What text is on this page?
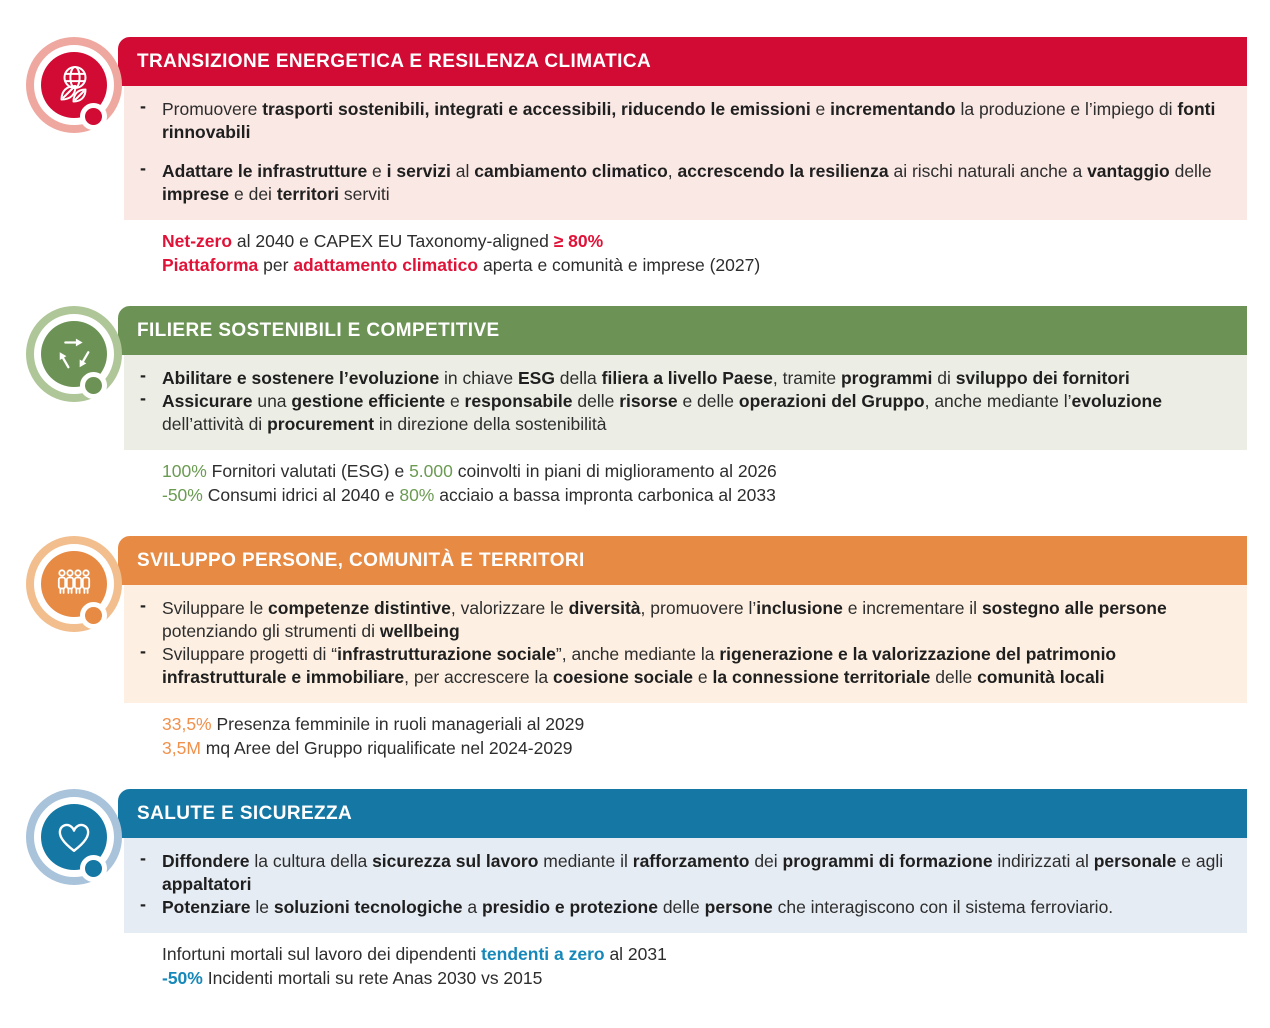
TRANSIZIONE ENERGETICA E RESILENZA CLIMATICA
- Promuovere trasporti sostenibili, integrati e accessibili, riducendo le emissioni e incrementando la produzione e l’impiego di fonti rinnovabili

- Adattare le infrastrutture e i servizi al cambiamento climatico, accrescendo la resilienza ai rischi naturali anche a vantaggio delle imprese e dei territori serviti

Net-zero al 2040 e CAPEX EU Taxonomy-aligned ≥ 80%

Piattaforma per adattamento climatico aperta e comunità e imprese (2027)

FILIERE SOSTENIBILI E COMPETITIVE
- Abilitare e sostenere l’evoluzione in chiave ESG della filiera a livello Paese, tramite programmi di sviluppo dei fornitori

- Assicurare una gestione efficiente e responsabile delle risorse e delle operazioni del Gruppo, anche mediante l’evoluzione dell’attività di procurement in direzione della sostenibilità

100% Fornitori valutati (ESG) e 5.000 coinvolti in piani di miglioramento al 2026

-50% Consumi idrici al 2040 e 80% acciaio a bassa impronta carbonica al 2033

SVILUPPO PERSONE, COMUNITÀ E TERRITORI
- Sviluppare le competenze distintive, valorizzare le diversità, promuovere l’inclusione e incrementare il sostegno alle persone potenziando gli strumenti di wellbeing

- Sviluppare progetti di “infrastrutturazione sociale”, anche mediante la rigenerazione e la valorizzazione del patrimonio infrastrutturale e immobiliare, per accrescere la coesione sociale e la connessione territoriale delle comunità locali

33,5% Presenza femminile in ruoli manageriali al 2029

3,5M mq Aree del Gruppo riqualificate nel 2024-2029

SALUTE E SICUREZZA
- Diffondere la cultura della sicurezza sul lavoro mediante il rafforzamento dei programmi di formazione indirizzati al personale e agli appaltatori

- Potenziare le soluzioni tecnologiche a presidio e protezione delle persone che interagiscono con il sistema ferroviario.

Infortuni mortali sul lavoro dei dipendenti tendenti a zero al 2031

-50% Incidenti mortali su rete Anas 2030 vs 2015
